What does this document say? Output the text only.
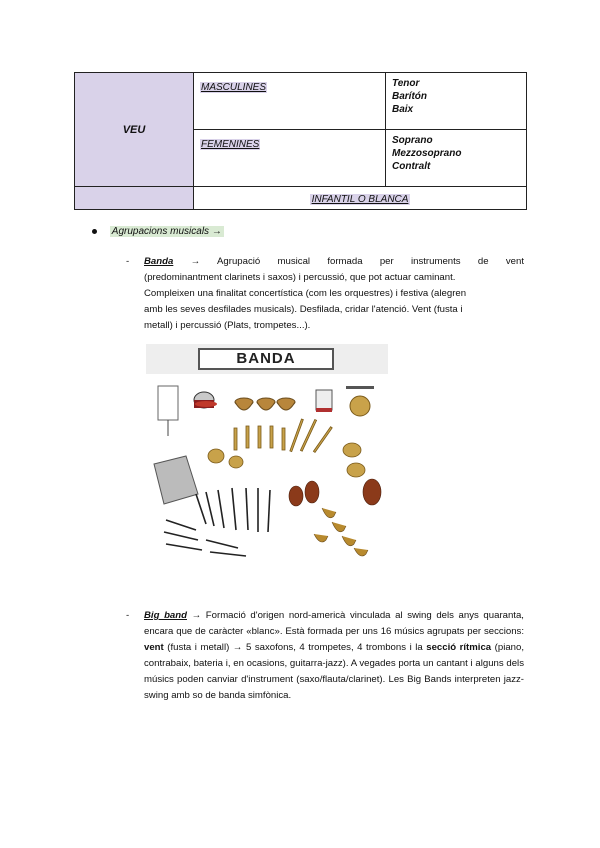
VEU	MASCULINES	Tenor
Barítón
Baix

	FEMENINES	Soprano
Mezzosoprano
Contralt

	INFANTIL O BLANCA	
Agrupacions musicals →
- Banda → Agrupació musical formada per instruments de vent
(predominantment clarinets i saxos) i percussió, que pot actuar caminant.
Compleixen una finalitat concertística (com les orquestres) i festiva (alegren
amb les seves desfilades musicals). Desfilada, cridar l'atenció. Vent (fusta i
metall) i percussió (Plats, trompetes...).
BANDA
- Big band → Formació d'origen nord-americà vinculada al swing dels anys quaranta, encara que de caràcter «blanc». Està formada per uns 16 músics agrupats per seccions: vent (fusta i metall) → 5 saxofons, 4 trompetes, 4 trombons i la secció rítmica (piano, contrabaix, bateria i, en ocasions, guitarra-jazz). A vegades porta un cantant i alguns dels músics poden canviar d'instrument (saxo/flauta/clarinet). Les Big Bands interpreten jazz-swing amb so de banda simfònica.
